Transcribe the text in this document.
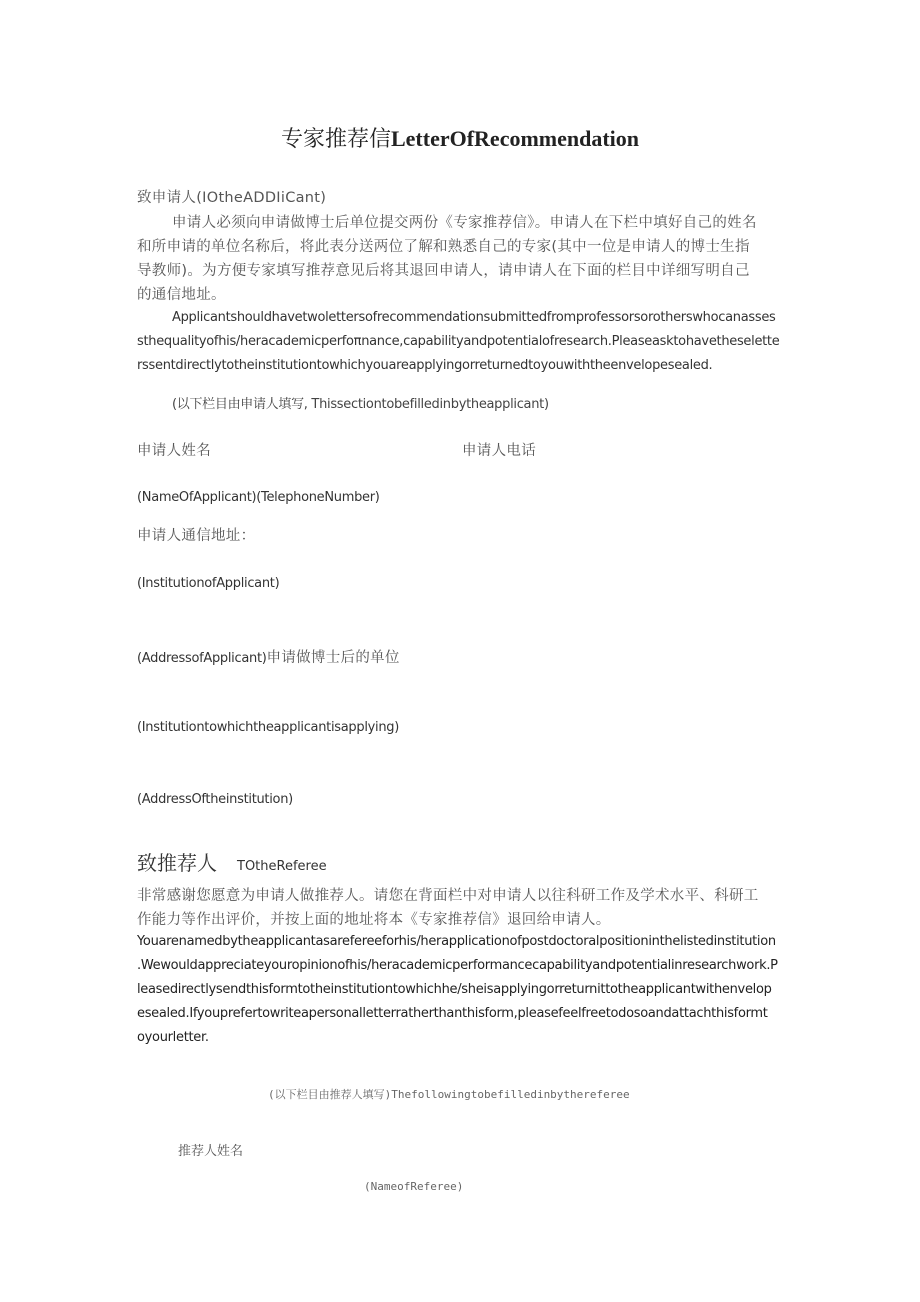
专家推荐信LetterOfRecommendation
致申请人(IOtheADDIiCant)
申请人必须向申请做博士后单位提交两份《专家推荐信》。申请人在下栏中填好自己的姓名
和所申请的单位名称后，将此表分送两位了解和熟悉自己的专家(其中一位是申请人的博士生指
导教师)。为方便专家填写推荐意见后将其退回申请人，请申请人在下面的栏目中详细写明自己
的通信地址。
Applicantshouldhavetwolettersofrecommendationsubmittedfromprofessorsorotherswhocanasses
sthequalityofhis/heracademicperfoπnance,capabilityandpotentialofresearch.Pleaseasktohavetheselette
rssentdirectlytotheinstitutiontowhichyouareapplyingorreturnedtoyouwiththeenvelopesealed.
(以下栏目由申请人填写, Thissectiontobefilledinbytheapplicant)
申请人姓名	申请人电话
(NameOfApplicant)(TelephoneNumber)
申请人通信地址：
(InstitutionofApplicant)
(AddressofApplicant)申请做博士后的单位
(Institutiontowhichtheapplicantisapplying)
(AddressOftheinstitution)
致推荐人 TOtheReferee
非常感谢您愿意为申请人做推荐人。请您在背面栏中对申请人以往科研工作及学术水平、科研工
作能力等作出评价，并按上面的地址将本《专家推荐信》退回给申请人。
Youarenamedbytheapplicantasarefereeforhis/herapplicationofpostdoctoralpositioninthelistedinstitution
.Wewouldappreciateyouropinionofhis/heracademicperformancecapabilityandpotentialinresearchwork.P
leasedirectlysendthisformtotheinstitutiontowhichhe/sheisapplyingorreturnittotheapplicantwithenvelop
esealed.Ifyouprefertowriteapersonalletterratherthanthisform,pleasefeelfreetodosoandattachthisformt
oyourletter.
(以下栏目由推荐人填写)Thefollowingtobefilledinbythereferee
推荐人姓名
(NameofReferee)
